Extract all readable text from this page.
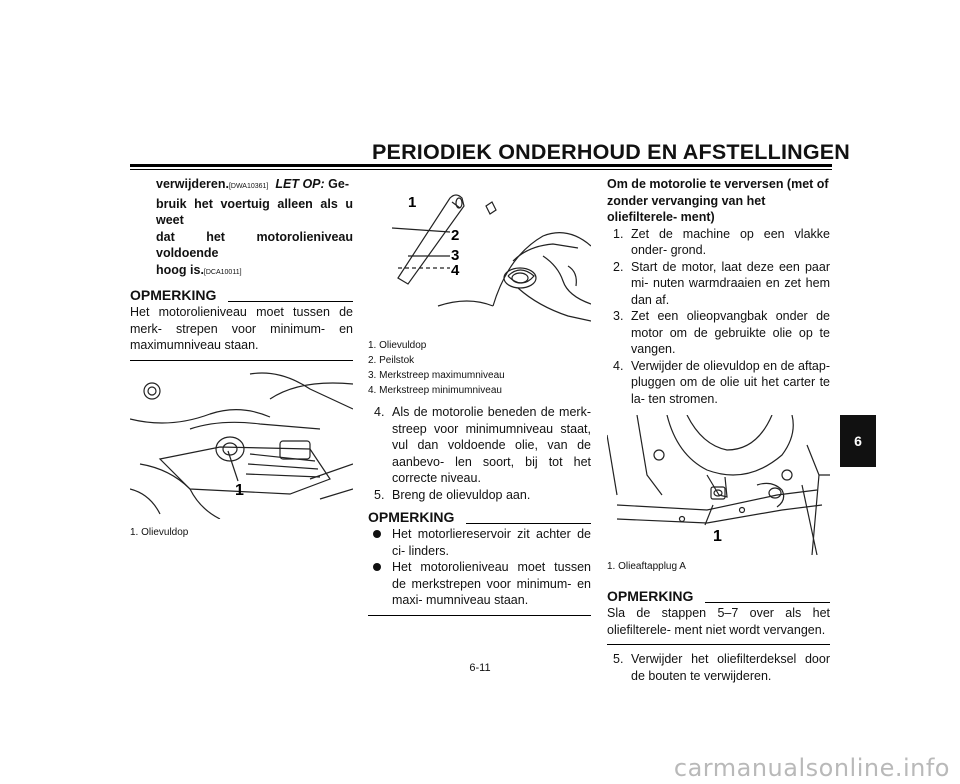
PERIODIEK ONDERHOUD EN AFSTELLINGEN
6
verwijderen.[DWA10361] LET OP: Ge-
bruik het voertuig alleen als u weet
dat het motorolieniveau voldoende
hoog is.[DCA10011]
OPMERKING

Het motorolieniveau moet tussen de merk- strepen voor minimum- en maximumniveau staan.

1

1. Olievuldop

1
2
3
4

1. Olievuldop

2. Peilstok

3. Merkstreep maximumniveau

4. Merkstreep minimumniveau

4. Als de motorolie beneden de merk- streep voor minimumniveau staat, vul dan voldoende olie, van de aanbevo- len soort, bij tot het correcte niveau.
5. Breng de olievuldop aan.
OPMERKING
Het motorliereservoir zit achter de ci- linders.
Het motorolieniveau moet tussen de merkstrepen voor minimum- en maxi- mumniveau staan.

Om de motorolie te verversen (met of zonder vervanging van het oliefilterele- ment)

1. Zet de machine op een vlakke onder- grond.
2. Start de motor, laat deze een paar mi- nuten warmdraaien en zet hem dan af.
3. Zet een olieopvangbak onder de motor om de gebruikte olie op te vangen.
4. Verwijder de olievuldop en de aftap- pluggen om de olie uit het carter te la- ten stromen.
1

1. Olieaftapplug A

OPMERKING

Sla de stappen 5–7 over als het oliefilterele- ment niet wordt vervangen.

5. Verwijder het oliefilterdeksel door de bouten te verwijderen.
6-11
carmanualsonline.info
